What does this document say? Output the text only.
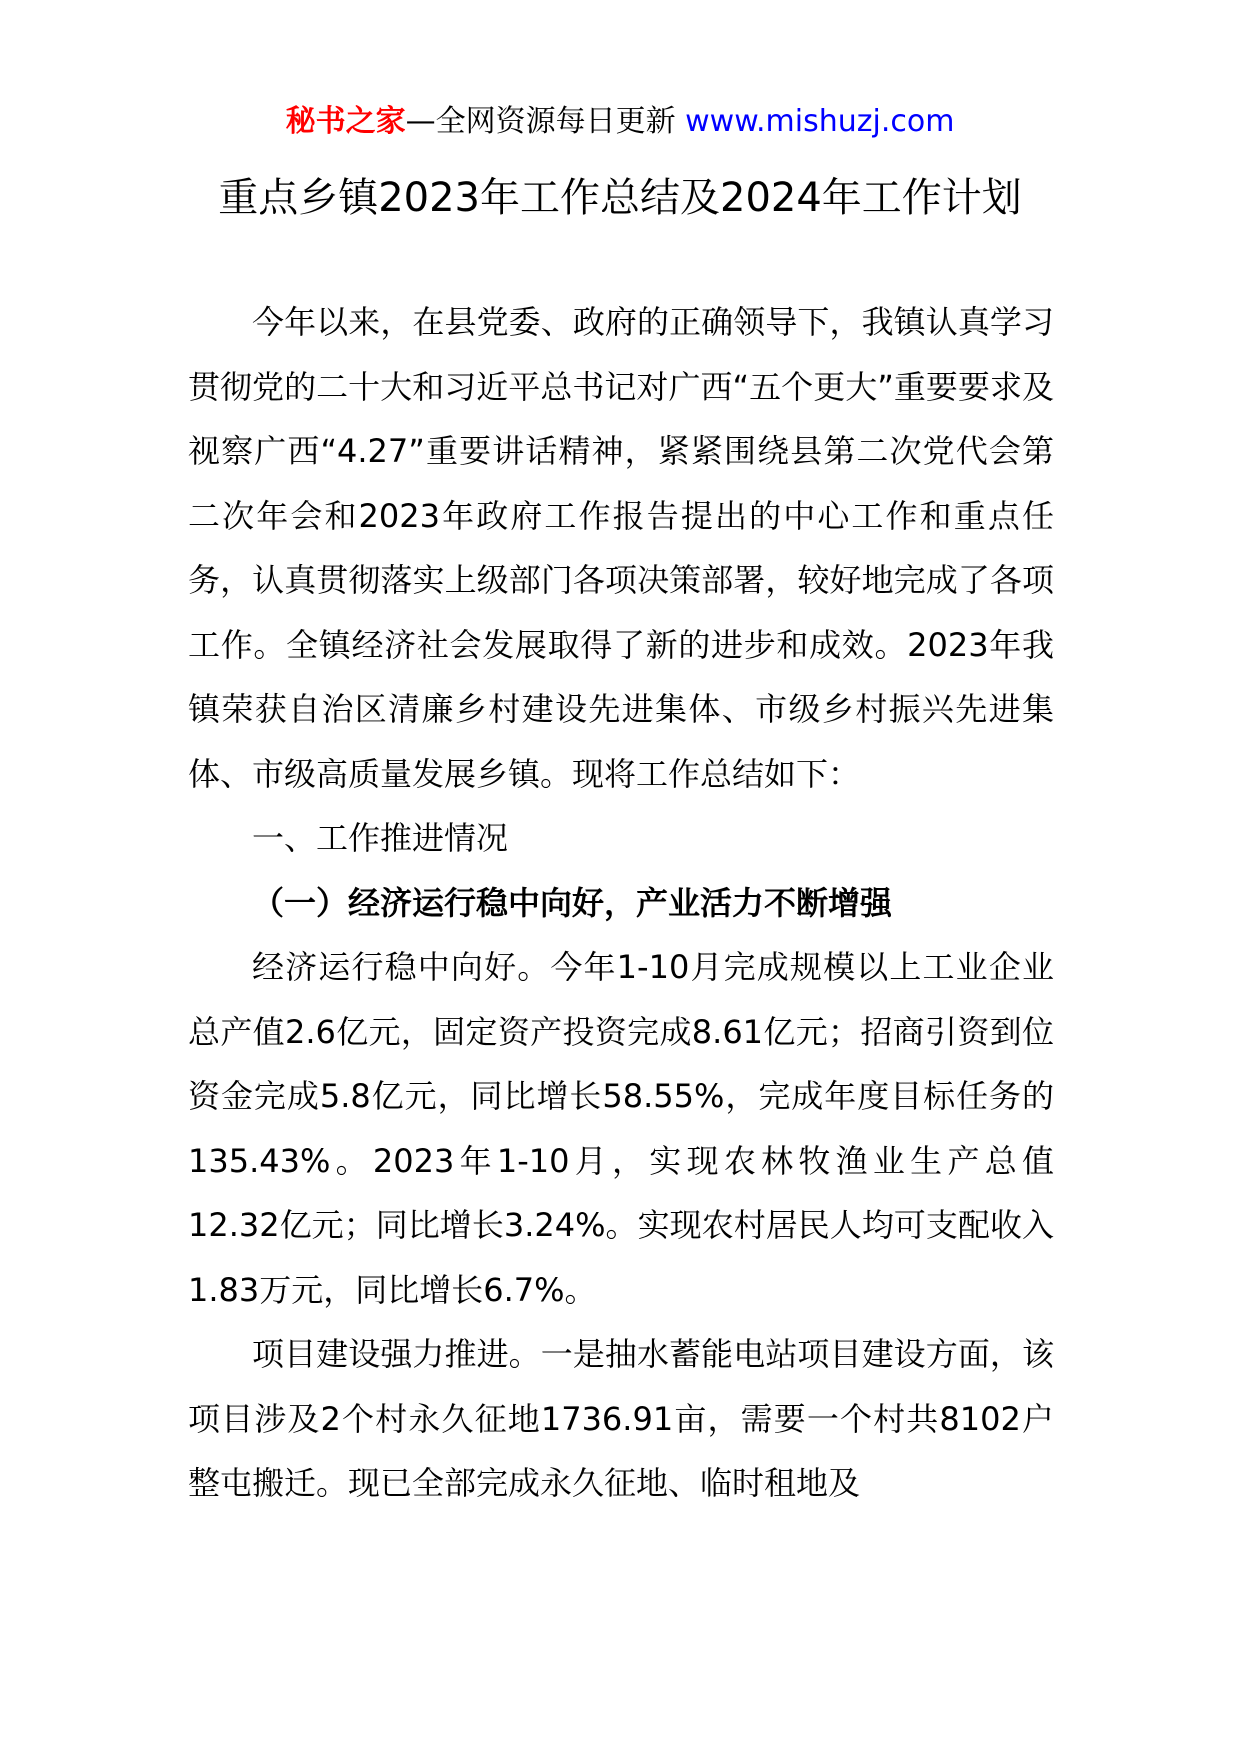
秘书之家—全网资源每日更新 www.mishuzj.com
重点乡镇2023年工作总结及2024年工作计划

今年以来，在县党委、政府的正确领导下，我镇认真学习贯彻党的二十大和习近平总书记对广西“五个更大”重要要求及视察广西“4.27”重要讲话精神，紧紧围绕县第二次党代会第二次年会和2023年政府工作报告提出的中心工作和重点任务，认真贯彻落实上级部门各项决策部署，较好地完成了各项工作。全镇经济社会发展取得了新的进步和成效。2023年我镇荣获自治区清廉乡村建设先进集体、市级乡村振兴先进集体、市级高质量发展乡镇。现将工作总结如下：

一、工作推进情况

（一）经济运行稳中向好，产业活力不断增强

经济运行稳中向好。今年1-10月完成规模以上工业企业总产值2.6亿元，固定资产投资完成8.61亿元；招商引资到位资金完成5.8亿元，同比增长58.55%，完成年度目标任务的135.43%。2023年1-10月，实现农林牧渔业生产总值12.32亿元；同比增长3.24%。实现农村居民人均可支配收入1.83万元，同比增长6.7%。

项目建设强力推进。一是抽水蓄能电站项目建设方面，该项目涉及2个村永久征地1736.91亩，需要一个村共8102户整屯搬迁。现已全部完成永久征地、临时租地及
